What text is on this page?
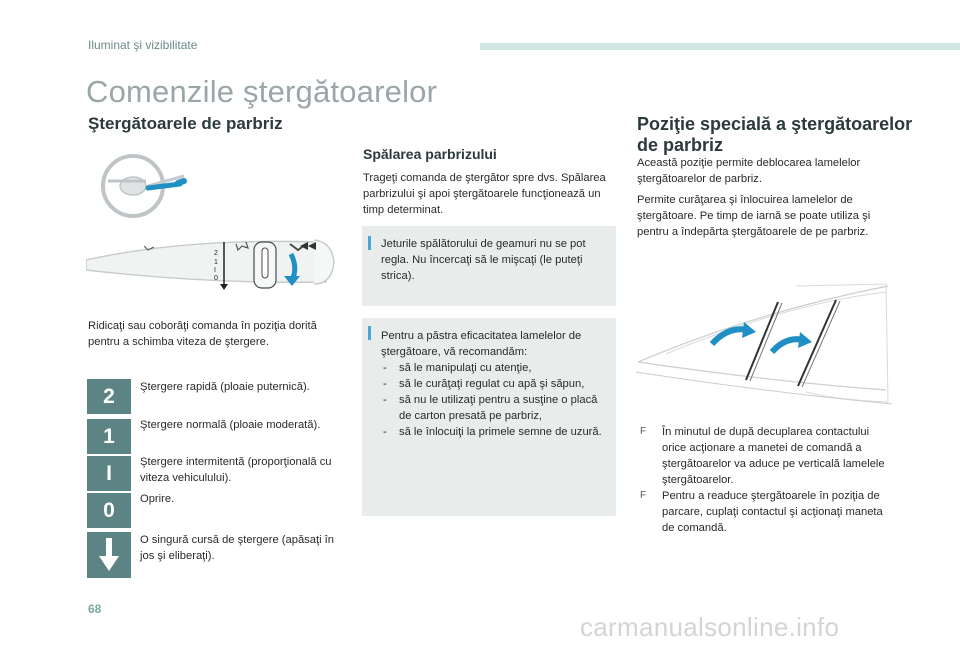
Iluminat şi vizibilitate
Comenzile ştergătoarelor
Ştergătoarele de parbriz
2
1
I
0

Ridicaţi sau coborâţi comanda în poziţia dorită pentru a schimba viteza de ştergere.

2
1
I
0
Ştergere rapidă (ploaie puternică).
Ştergere normală (ploaie moderată).
Ştergere intermitentă (proporţională cu viteza vehiculului).
Oprire.
O singură cursă de ştergere (apăsaţi în jos şi eliberaţi).
Spălarea parbrizului

Trageţi comanda de ştergător spre dvs. Spălarea parbrizului şi apoi ştergătoarele funcţionează un timp determinat.

Jeturile spălătorului de geamuri nu se pot regla. Nu încercaţi să le mişcaţi (le puteţi strica).

Pentru a păstra eficacitatea lamelelor de ştergătoare, vă recomandăm:

- să le manipulaţi cu atenţie,
- să le curăţaţi regulat cu apă şi săpun,
- să nu le utilizaţi pentru a susţine o placă de carton presată pe parbriz,
- să le înlocuiţi la primele semne de uzură.
Poziţie specială a ştergătoarelor de parbriz

Această poziţie permite deblocarea lamelelor ştergătoarelor de parbriz.

Permite curăţarea şi înlocuirea lamelelor de ştergătoare. Pe timp de iarnă se poate utiliza şi pentru a îndepărta ştergătoarele de pe parbriz.

F În minutul de după decuplarea contactului orice acţionare a manetei de comandă a ştergătoarelor va aduce pe verticală lamelele ştergătoarelor.
F Pentru a readuce ştergătoarele în poziţia de parcare, cuplaţi contactul şi acţionaţi maneta de comandă.
68
carmanualsonline.info
